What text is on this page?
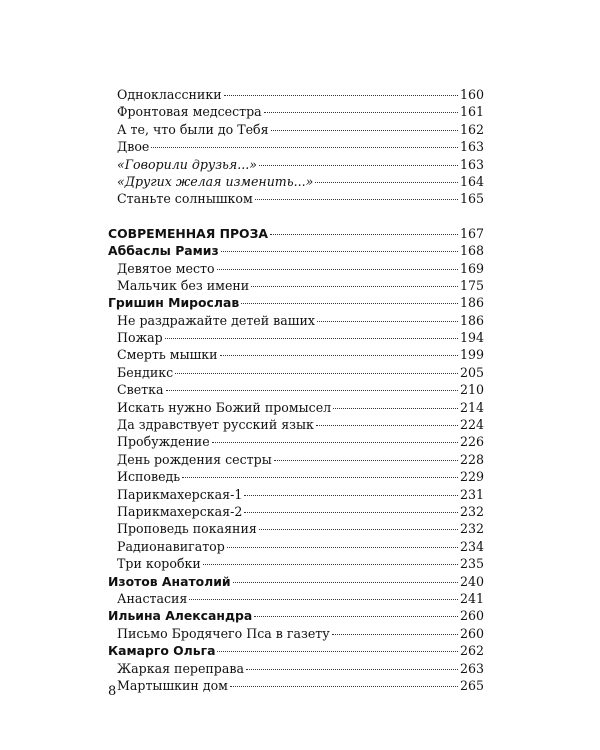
Одноклассники	160
Фронтовая медсестра	161
А те, что были до Тебя	162
Двое	163
«Говорили друзья...»	163
«Других желая изменить...»	164
Станьте солнышком	165
СОВРЕМЕННАЯ ПРОЗА	167
Аббаслы Рамиз	168
Девятое место	169
Мальчик без имени	175
Гришин Мирослав	186
Не раздражайте детей ваших	186
Пожар	194
Смерть мышки	199
Бендикс	205
Светка	210
Искать нужно Божий промысел	214
Да здравствует русский язык	224
Пробуждение	226
День рождения сестры	228
Исповедь	229
Парикмахерская-1	231
Парикмахерская-2	232
Проповедь покаяния	232
Радионавигатор	234
Три коробки	235
Изотов Анатолий	240
Анастасия	241
Ильина Александра	260
Письмо Бродячего Пса в газету	260
Камарго Ольга	262
Жаркая переправа	263
Мартышкин дом	265
8
